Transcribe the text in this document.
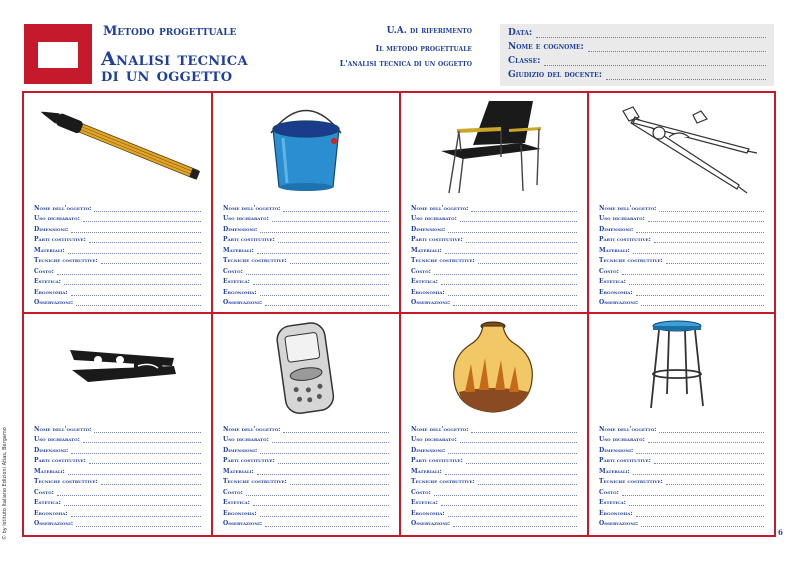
Metodo progettuale
Analisi tecnica
di un oggetto
U.A. di riferimento
Il metodo progettuale
L'analisi tecnica di un oggetto
Data:
Nome e cognome:
Classe:
Giudizio del docente:
Nome dell'oggetto:
Uso dichiarato:
Dimensioni:
Parti costitutive:
Materiali:
Tecniche costruttive:
Costo:
Estetica:
Ergonomia:
Osservazioni:
Nome dell'oggetto:
Uso dichiarato:
Dimensioni:
Parti costitutive:
Materiali:
Tecniche costruttive:
Costo:
Estetica:
Ergonomia:
Osservazioni:
Nome dell'oggetto:
Uso dichiarato:
Dimensioni:
Parti costitutive:
Materiali:
Tecniche costruttive:
Costo:
Estetica:
Ergonomia:
Osservazioni:
Nome dell'oggetto:
Uso dichiarato:
Dimensioni:
Parti costitutive:
Materiali:
Tecniche costruttive:
Costo:
Estetica:
Ergonomia:
Osservazioni:
Nome dell'oggetto:
Uso dichiarato:
Dimensioni:
Parti costitutive:
Materiali:
Tecniche costruttive:
Costo:
Estetica:
Ergonomia:
Osservazioni:
Nome dell'oggetto:
Uso dichiarato:
Dimensioni:
Parti costitutive:
Materiali:
Tecniche costruttive:
Costo:
Estetica:
Ergonomia:
Osservazioni:
Nome dell'oggetto:
Uso dichiarato:
Dimensioni:
Parti costitutive:
Materiali:
Tecniche costruttive:
Costo:
Estetica:
Ergonomia:
Osservazioni:
Nome dell'oggetto:
Uso dichiarato:
Dimensioni:
Parti costitutive:
Materiali:
Tecniche costruttive:
Costo:
Estetica:
Ergonomia:
Osservazioni:
© by Istituto Italiano Edizioni Atlas, Bergamo	6
